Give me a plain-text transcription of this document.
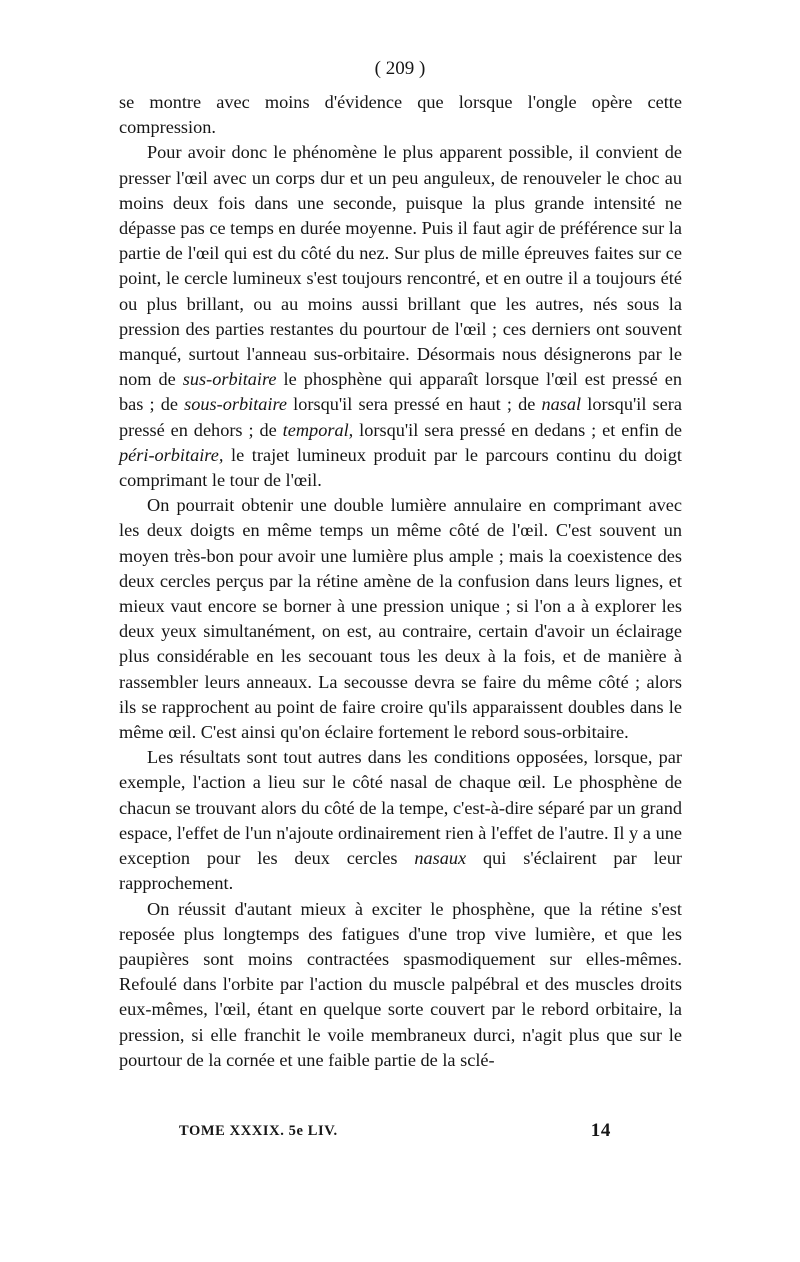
( 209 )

se montre avec moins d'évidence que lorsque l'ongle opère cette compression.

Pour avoir donc le phénomène le plus apparent possible, il convient de presser l'œil avec un corps dur et un peu anguleux, de renouveler le choc au moins deux fois dans une seconde, puisque la plus grande intensité ne dépasse pas ce temps en durée moyenne. Puis il faut agir de préférence sur la partie de l'œil qui est du côté du nez. Sur plus de mille épreuves faites sur ce point, le cercle lumineux s'est toujours rencontré, et en outre il a toujours été ou plus brillant, ou au moins aussi brillant que les autres, nés sous la pression des parties restantes du pourtour de l'œil ; ces derniers ont souvent manqué, surtout l'anneau sus-orbitaire. Désormais nous désignerons par le nom de sus-orbitaire le phosphène qui apparaît lorsque l'œil est pressé en bas ; de sous-orbitaire lorsqu'il sera pressé en haut ; de nasal lorsqu'il sera pressé en dehors ; de temporal, lorsqu'il sera pressé en dedans ; et enfin de péri-orbitaire, le trajet lumineux produit par le parcours continu du doigt comprimant le tour de l'œil.

On pourrait obtenir une double lumière annulaire en comprimant avec les deux doigts en même temps un même côté de l'œil. C'est souvent un moyen très-bon pour avoir une lumière plus ample ; mais la coexistence des deux cercles perçus par la rétine amène de la confusion dans leurs lignes, et mieux vaut encore se borner à une pression unique ; si l'on a à explorer les deux yeux simultanément, on est, au contraire, certain d'avoir un éclairage plus considérable en les secouant tous les deux à la fois, et de manière à rassembler leurs anneaux. La secousse devra se faire du même côté ; alors ils se rapprochent au point de faire croire qu'ils apparaissent doubles dans le même œil. C'est ainsi qu'on éclaire fortement le rebord sous-orbitaire.

Les résultats sont tout autres dans les conditions opposées, lorsque, par exemple, l'action a lieu sur le côté nasal de chaque œil. Le phosphène de chacun se trouvant alors du côté de la tempe, c'est-à-dire séparé par un grand espace, l'effet de l'un n'ajoute ordinairement rien à l'effet de l'autre. Il y a une exception pour les deux cercles nasaux qui s'éclairent par leur rapprochement.

On réussit d'autant mieux à exciter le phosphène, que la rétine s'est reposée plus longtemps des fatigues d'une trop vive lumière, et que les paupières sont moins contractées spasmodiquement sur elles-mêmes. Refoulé dans l'orbite par l'action du muscle palpébral et des muscles droits eux-mêmes, l'œil, étant en quelque sorte couvert par le rebord orbitaire, la pression, si elle franchit le voile membraneux durci, n'agit plus que sur le pourtour de la cornée et une faible partie de la sclé-

TOME XXXIX. 5e LIV.	14
